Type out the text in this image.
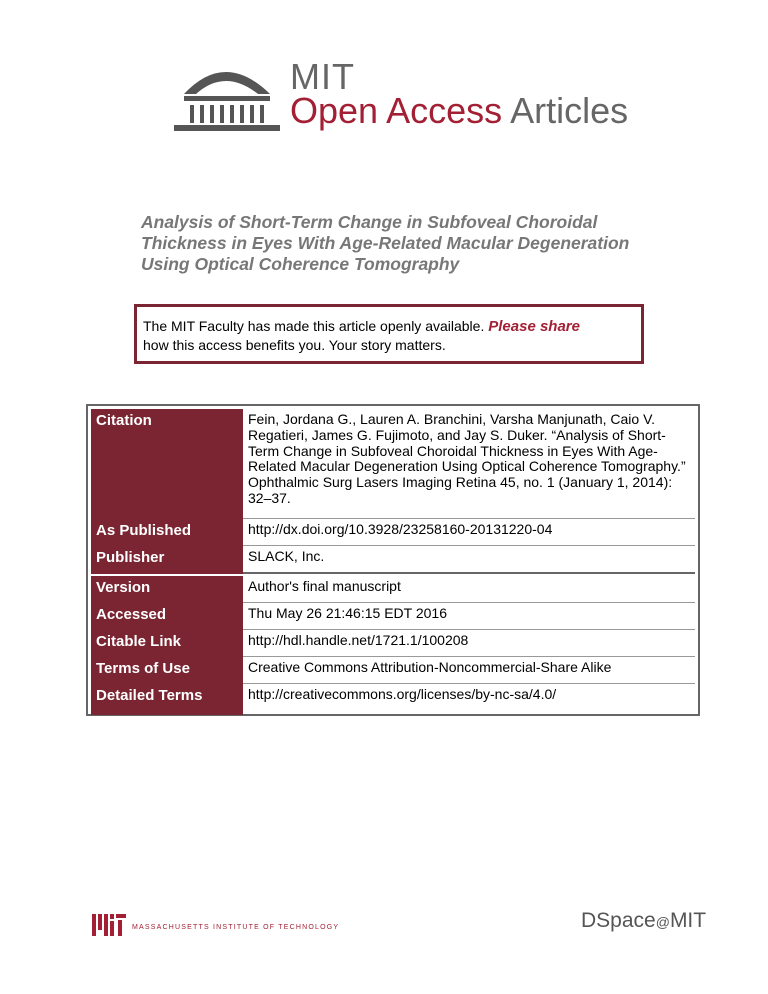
MIT
Open Access Articles
Analysis of Short-Term Change in Subfoveal Choroidal Thickness in Eyes With Age-Related Macular Degeneration Using Optical Coherence Tomography
The MIT Faculty has made this article openly available. Please share
how this access benefits you. Your story matters.
Citation	Fein, Jordana G., Lauren A. Branchini, Varsha Manjunath, Caio V. Regatieri, James G. Fujimoto, and Jay S. Duker. “Analysis of Short-Term Change in Subfoveal Choroidal Thickness in Eyes With Age-Related Macular Degeneration Using Optical Coherence Tomography.” Ophthalmic Surg Lasers Imaging Retina 45, no. 1 (January 1, 2014): 32–37.
As Published	http://dx.doi.org/10.3928/23258160-20131220-04
Publisher	SLACK, Inc.
Version	Author's final manuscript
Accessed	Thu May 26 21:46:15 EDT 2016
Citable Link	http://hdl.handle.net/1721.1/100208
Terms of Use	Creative Commons Attribution-Noncommercial-Share Alike
Detailed Terms	http://creativecommons.org/licenses/by-nc-sa/4.0/
MASSACHUSETTS INSTITUTE OF TECHNOLOGY	DSpace@MIT
